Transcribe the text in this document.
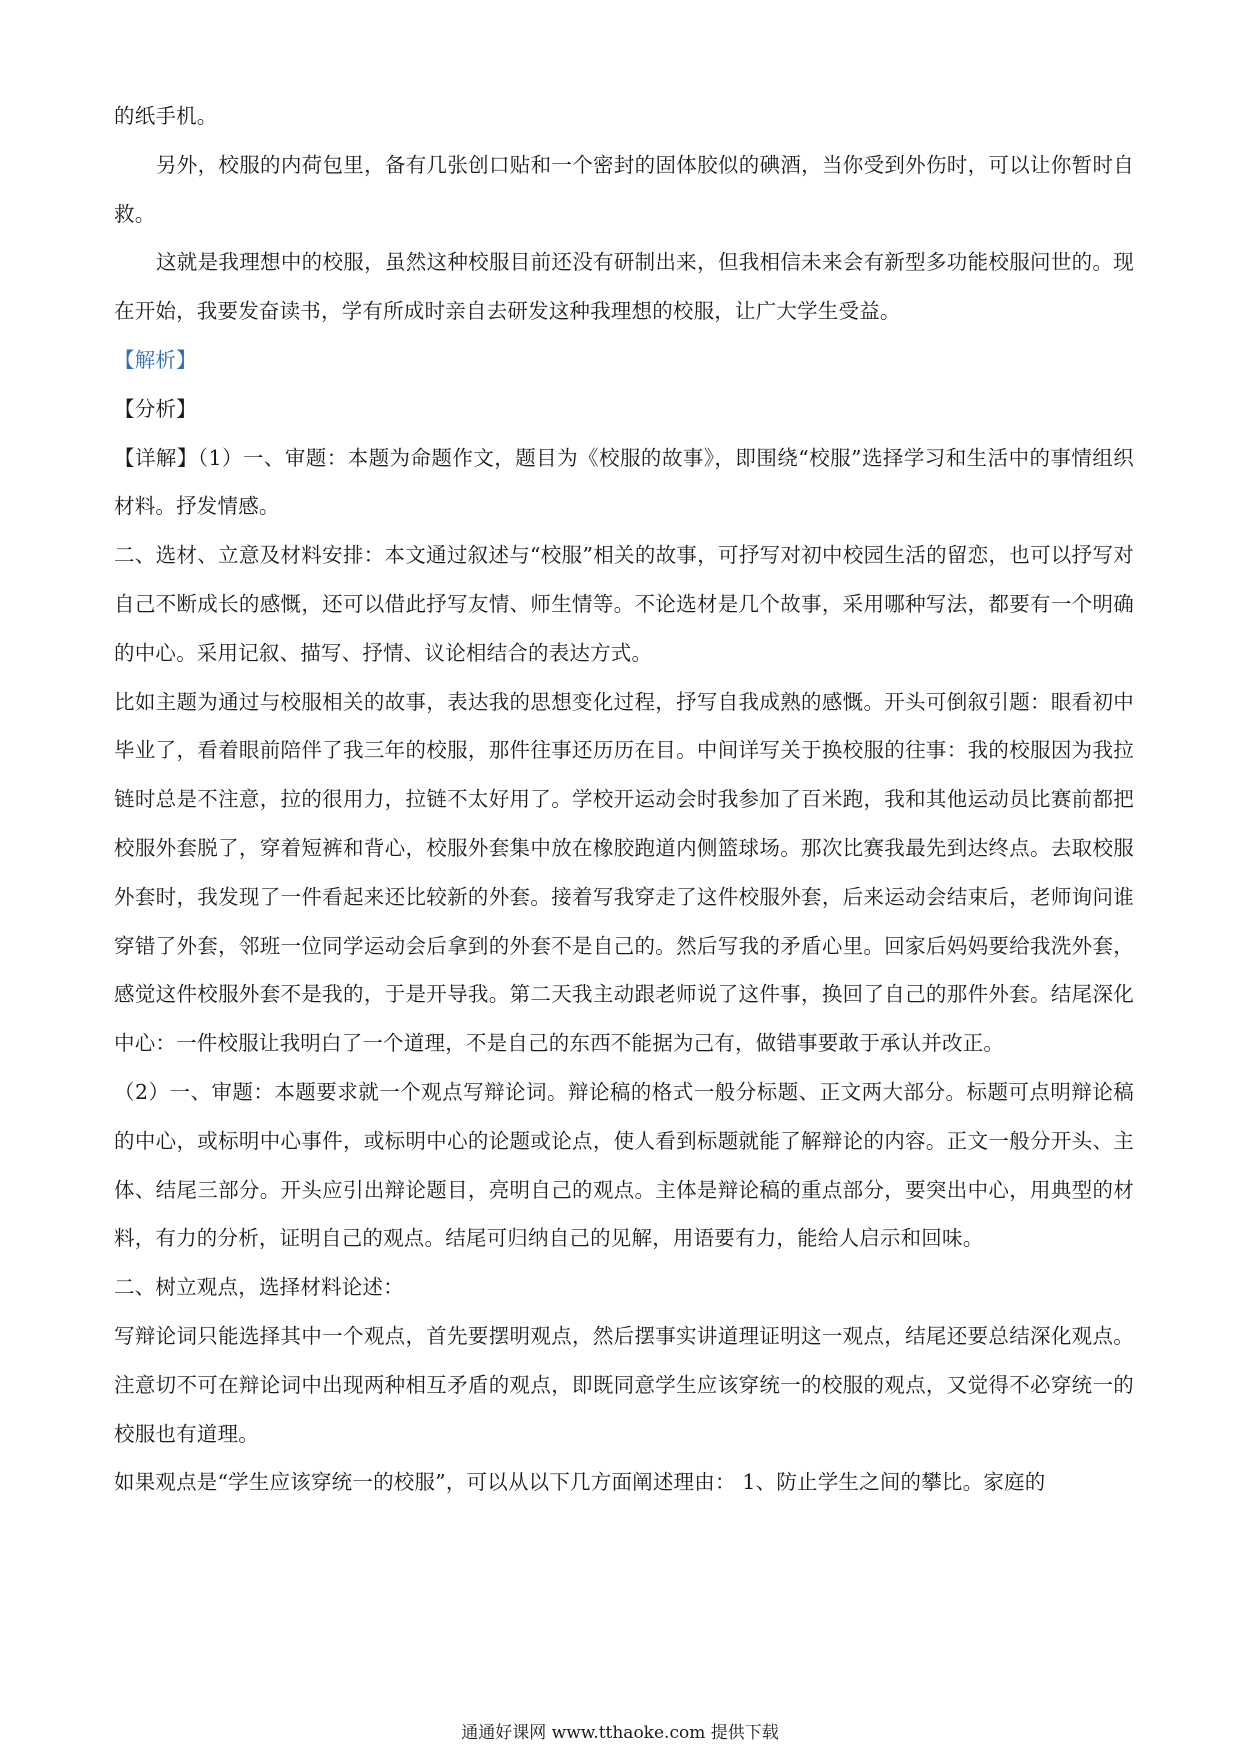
的纸手机。

另外，校服的内荷包里，备有几张创口贴和一个密封的固体胶似的碘酒，当你受到外伤时，可以让你暂时自救。

这就是我理想中的校服，虽然这种校服目前还没有研制出来，但我相信未来会有新型多功能校服问世的。现在开始，我要发奋读书，学有所成时亲自去研发这种我理想的校服，让广大学生受益。

【解析】

【分析】

【详解】（1）一、审题：本题为命题作文，题目为《校服的故事》，即围绕“校服”选择学习和生活中的事情组织材料。抒发情感。

二、选材、立意及材料安排：本文通过叙述与“校服”相关的故事，可抒写对初中校园生活的留恋，也可以抒写对自己不断成长的感慨，还可以借此抒写友情、师生情等。不论选材是几个故事，采用哪种写法，都要有一个明确的中心。采用记叙、描写、抒情、议论相结合的表达方式。

比如主题为通过与校服相关的故事，表达我的思想变化过程，抒写自我成熟的感慨。开头可倒叙引题：眼看初中毕业了，看着眼前陪伴了我三年的校服，那件往事还历历在目。中间详写关于换校服的往事：我的校服因为我拉链时总是不注意，拉的很用力，拉链不太好用了。学校开运动会时我参加了百米跑，我和其他运动员比赛前都把校服外套脱了，穿着短裤和背心，校服外套集中放在橡胶跑道内侧篮球场。那次比赛我最先到达终点。去取校服外套时，我发现了一件看起来还比较新的外套。接着写我穿走了这件校服外套，后来运动会结束后，老师询问谁穿错了外套，邻班一位同学运动会后拿到的外套不是自己的。然后写我的矛盾心里。回家后妈妈要给我洗外套，感觉这件校服外套不是我的，于是开导我。第二天我主动跟老师说了这件事，换回了自己的那件外套。结尾深化中心：一件校服让我明白了一个道理，不是自己的东西不能据为己有，做错事要敢于承认并改正。

（2）一、审题：本题要求就一个观点写辩论词。辩论稿的格式一般分标题、正文两大部分。标题可点明辩论稿的中心，或标明中心事件，或标明中心的论题或论点，使人看到标题就能了解辩论的内容。正文一般分开头、主体、结尾三部分。开头应引出辩论题目，亮明自己的观点。主体是辩论稿的重点部分，要突出中心，用典型的材料，有力的分析，证明自己的观点。结尾可归纳自己的见解，用语要有力，能给人启示和回味。

二、树立观点，选择材料论述：

写辩论词只能选择其中一个观点，首先要摆明观点，然后摆事实讲道理证明这一观点，结尾还要总结深化观点。注意切不可在辩论词中出现两种相互矛盾的观点，即既同意学生应该穿统一的校服的观点，又觉得不必穿统一的校服也有道理。

如果观点是“学生应该穿统一的校服”，可以从以下几方面阐述理由： 1、防止学生之间的攀比。家庭的

通通好课网 www.tthaoke.com 提供下载
